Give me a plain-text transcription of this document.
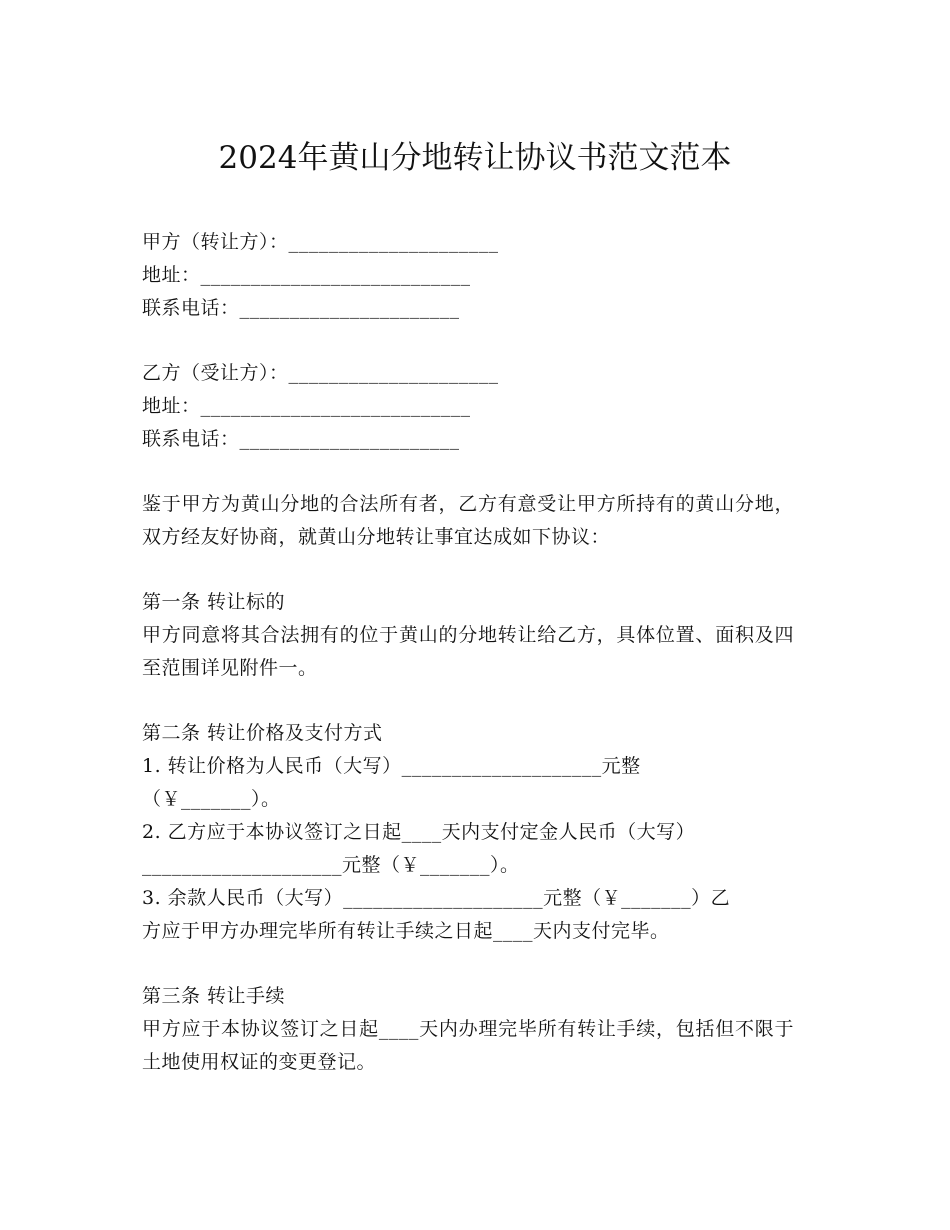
2024年黄山分地转让协议书范文范本
甲方（转让方）：_____________________
地址：___________________________
联系电话：______________________
乙方（受让方）：_____________________
地址：___________________________
联系电话：______________________
鉴于甲方为黄山分地的合法所有者，乙方有意受让甲方所持有的黄山分地，双方经友好协商，就黄山分地转让事宜达成如下协议：
第一条 转让标的
甲方同意将其合法拥有的位于黄山的分地转让给乙方，具体位置、面积及四至范围详见附件一。
第二条 转让价格及支付方式
1. 转让价格为人民币（大写）____________________元整
（￥_______）。
2. 乙方应于本协议签订之日起____天内支付定金人民币（大写）
____________________元整（￥_______）。
3. 余款人民币（大写）____________________元整（￥_______）乙
方应于甲方办理完毕所有转让手续之日起____天内支付完毕。
第三条 转让手续
甲方应于本协议签订之日起____天内办理完毕所有转让手续，包括但不限于土地使用权证的变更登记。
